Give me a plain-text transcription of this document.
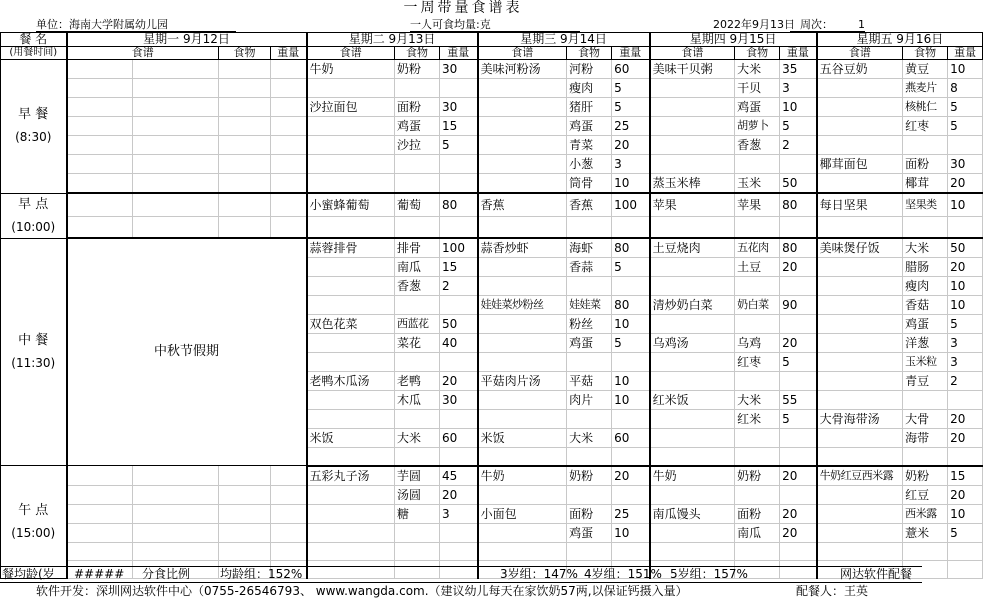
一周带量食谱表
单位：海南大学附属幼儿园	一人可食均量:克	2022年9月13日 周次： 1
餐 名	星期一 9月12日				星期二 9月13日			星期三 9月14日			星期四 9月15日			星期五 9月16日		
(用餐时间)	食谱		食物	重量	食谱	食物	重量	食谱	食物	重量	食谱	食物	重量	食谱	食物	重量

早 餐
(8:30)					牛奶	奶粉	30	美味河粉汤	河粉	60	美味干贝粥	大米	35	五谷豆奶	黄豆	10
									瘦肉	5		干贝	3		燕麦片	8
					沙拉面包	面粉	30		猪肝	5		鸡蛋	10		核桃仁	5
						鸡蛋	15		鸡蛋	25		胡萝卜	5		红枣	5
						沙拉	5		青菜	20		香葱	2			
									小葱	3				椰茸面包	面粉	30
									筒骨	10	蒸玉米棒	玉米	50		椰茸	20

早 点
(10:00)					小蜜蜂葡萄	葡萄	80	香蕉	香蕉	100	苹果	苹果	80	每日坚果	坚果类	10

中 餐
(11:30)	中秋节假期				蒜蓉排骨	排骨	100	蒜香炒虾	海虾	80	土豆烧肉	五花肉	80	美味煲仔饭	大米	50
						南瓜	15		香蒜	5		土豆	20		腊肠	20
						香葱	2								瘦肉	10
								娃娃菜炒粉丝	娃娃菜	80	清炒奶白菜	奶白菜	90		香菇	10
					双色花菜	西蓝花	50		粉丝	10					鸡蛋	5
						菜花	40		鸡蛋	5	乌鸡汤	乌鸡	20		洋葱	3
												红枣	5		玉米粒	3
					老鸭木瓜汤	老鸭	20	平菇肉片汤	平菇	10					青豆	2
						木瓜	30		肉片	10	红米饭	大米	55			
												红米	5	大骨海带汤	大骨	20
					米饭	大米	60	米饭	大米	60					海带	20

午 点
(15:00)					五彩丸子汤	芋圆	45	牛奶	奶粉	20	牛奶	奶粉	20	牛奶红豆西米露	奶粉	15
						汤圆	20								红豆	20
						糖	3	小面包	面粉	25	南瓜馒头	面粉	20		西米露	10
									鸡蛋	10		南瓜	20		薏米	5

餐均龄(岁 ##### 分食比例 均龄组：152%	3岁组：147% 4岁组：151% 5岁组：157%	网达软件配餐
软件开发：深圳网达软件中心（0755-26546793、 www.wangda.com.（建议幼儿每天在家饮奶57两,以保证钙摄入量）	配餐人：王英
